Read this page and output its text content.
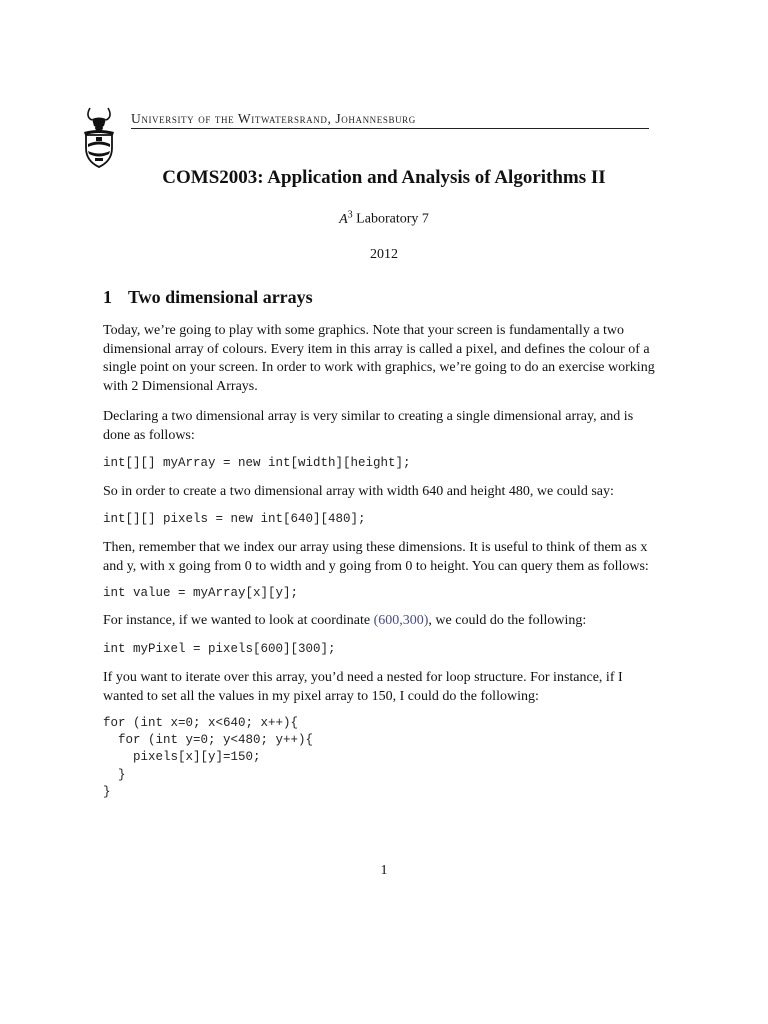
University of the Witwatersrand, Johannesburg
COMS2003: Application and Analysis of Algorithms II
$A^3$ Laboratory 7
2012
1 Two dimensional arrays

Today, we’re going to play with some graphics. Note that your screen is fundamentally a two dimensional array of colours. Every item in this array is called a pixel, and defines the colour of a single point on your screen. In order to work with graphics, we’re going to do an exercise working with 2 Dimensional Arrays.

Declaring a two dimensional array is very similar to creating a single dimensional array, and is done as follows:

int[][] myArray = new int[width][height];

So in order to create a two dimensional array with width 640 and height 480, we could say:

int[][] pixels = new int[640][480];

Then, remember that we index our array using these dimensions. It is useful to think of them as x and y, with x going from 0 to width and y going from 0 to height. You can query them as follows:

int value = myArray[x][y];

For instance, if we wanted to look at coordinate (600,300), we could do the following:

int myPixel = pixels[600][300];

If you want to iterate over this array, you’d need a nested for loop structure. For instance, if I wanted to set all the values in my pixel array to 150, I could do the following:

for (int x=0; x<640; x++){
for (int y=0; y<480; y++){
pixels[x][y]=150;
}
}
1
